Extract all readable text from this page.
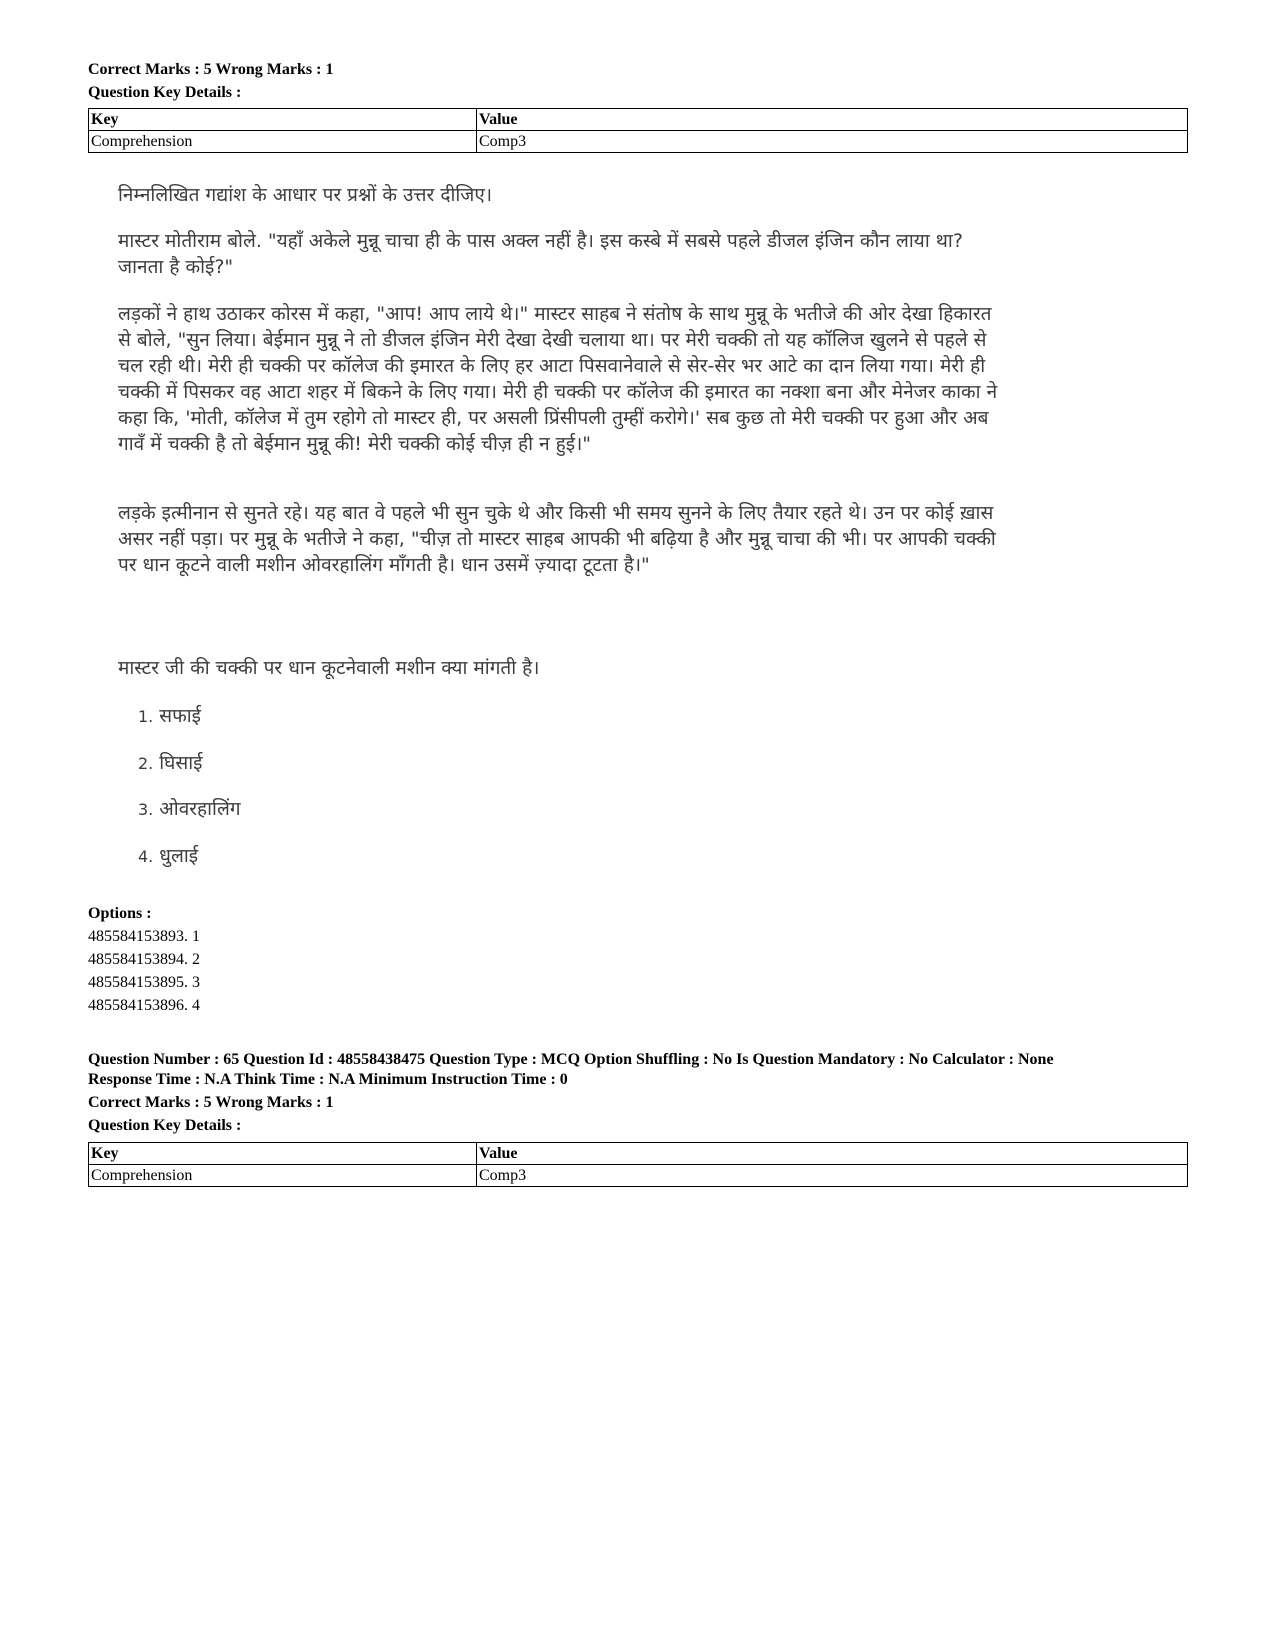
Correct Marks : 5 Wrong Marks : 1
Question Key Details :
Key	Value
Comprehension	Comp3
निम्नलिखित गद्यांश के आधार पर प्रश्नों के उत्तर दीजिए।
मास्टर मोतीराम बोले. "यहाँ अकेले मुन्नू चाचा ही के पास अक्ल नहीं है। इस कस्बे में सबसे पहले डीजल इंजिन कौन लाया था? जानता है कोई?"
लड़कों ने हाथ उठाकर कोरस में कहा, "आप! आप लाये थे।" मास्टर साहब ने संतोष के साथ मुन्नू के भतीजे की ओर देखा हिकारत से बोले, "सुन लिया। बेईमान मुन्नू ने तो डीजल इंजिन मेरी देखा देखी चलाया था। पर मेरी चक्की तो यह कॉलिज खुलने से पहले से चल रही थी। मेरी ही चक्की पर कॉलेज की इमारत के लिए हर आटा पिसवानेवाले से सेर-सेर भर आटे का दान लिया गया। मेरी ही चक्की में पिसकर वह आटा शहर में बिकने के लिए गया। मेरी ही चक्की पर कॉलेज की इमारत का नक्शा बना और मेनेजर काका ने कहा कि, 'मोती, कॉलेज में तुम रहोगे तो मास्टर ही, पर असली प्रिंसीपली तुम्हीं करोगे।' सब कुछ तो मेरी चक्की पर हुआ और अब गावँ में चक्की है तो बेईमान मुन्नू की! मेरी चक्की कोई चीज़ ही न हुई।"
लड़के इत्मीनान से सुनते रहे। यह बात वे पहले भी सुन चुके थे और किसी भी समय सुनने के लिए तैयार रहते थे। उन पर कोई ख़ास असर नहीं पड़ा। पर मुन्नू के भतीजे ने कहा, "चीज़ तो मास्टर साहब आपकी भी बढ़िया है और मुन्नू चाचा की भी। पर आपकी चक्की पर धान कूटने वाली मशीन ओवरहालिंग माँगती है। धान उसमें ज़्यादा टूटता है।"
मास्टर जी की चक्की पर धान कूटनेवाली मशीन क्या मांगती है।
1. सफाई
2. घिसाई
3. ओवरहालिंग
4. धुलाई
Options :
485584153893. 1
485584153894. 2
485584153895. 3
485584153896. 4
Question Number : 65 Question Id : 48558438475 Question Type : MCQ Option Shuffling : No Is Question Mandatory : No Calculator : None
Response Time : N.A Think Time : N.A Minimum Instruction Time : 0
Correct Marks : 5 Wrong Marks : 1
Question Key Details :
Key	Value
Comprehension	Comp3
